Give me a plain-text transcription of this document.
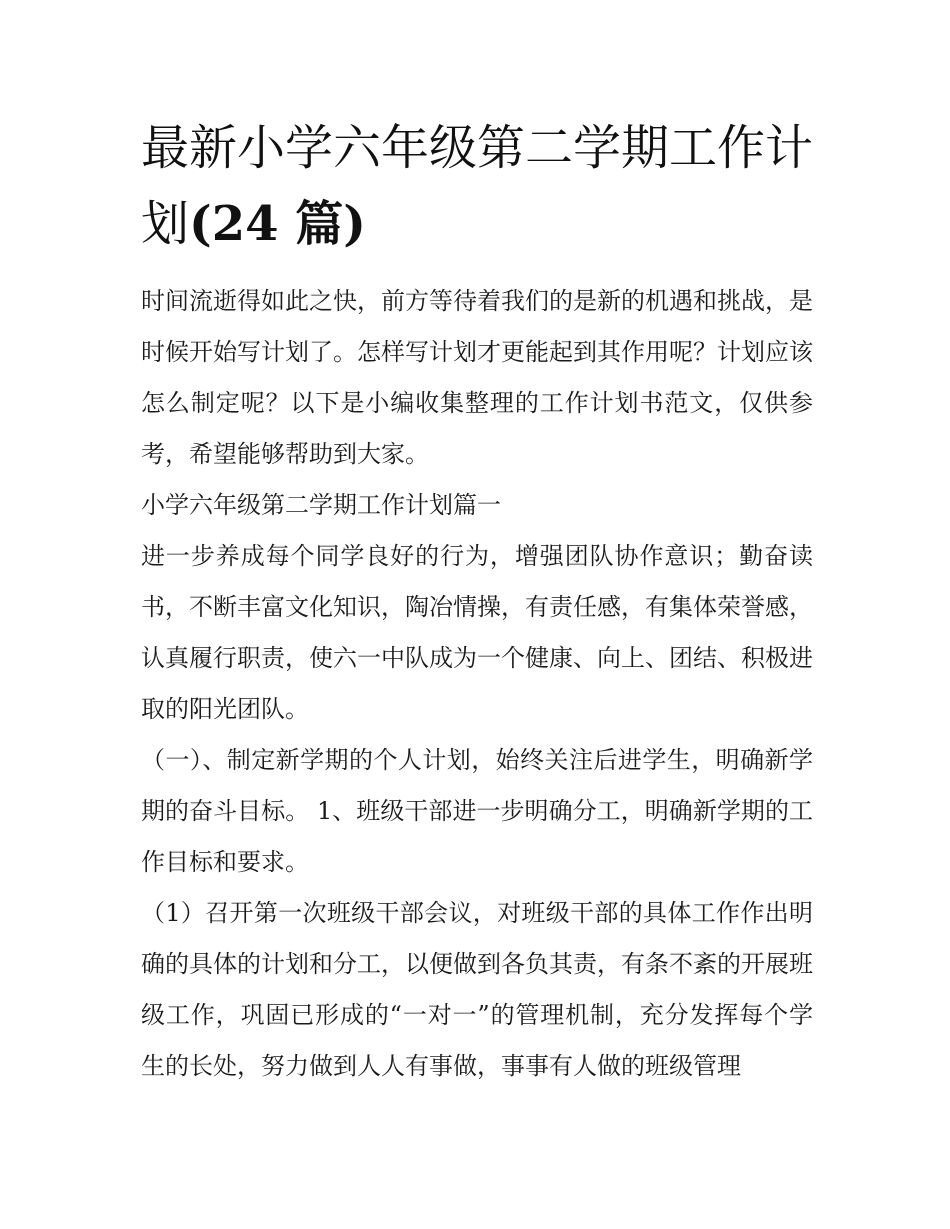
最新小学六年级第二学期工作计划(24 篇)

时间流逝得如此之快，前方等待着我们的是新的机遇和挑战，是时候开始写计划了。怎样写计划才更能起到其作用呢？计划应该怎么制定呢？以下是小编收集整理的工作计划书范文，仅供参考，希望能够帮助到大家。

小学六年级第二学期工作计划篇一

进一步养成每个同学良好的行为，增强团队协作意识；勤奋读书，不断丰富文化知识，陶冶情操，有责任感，有集体荣誉感，认真履行职责，使六一中队成为一个健康、向上、团结、积极进取的阳光团队。

（一）、制定新学期的个人计划，始终关注后进学生，明确新学期的奋斗目标。 1、班级干部进一步明确分工，明确新学期的工作目标和要求。

（1）召开第一次班级干部会议，对班级干部的具体工作作出明确的具体的计划和分工，以便做到各负其责，有条不紊的开展班级工作，巩固已形成的“一对一”的管理机制，充分发挥每个学生的长处，努力做到人人有事做，事事有人做的班级管理
